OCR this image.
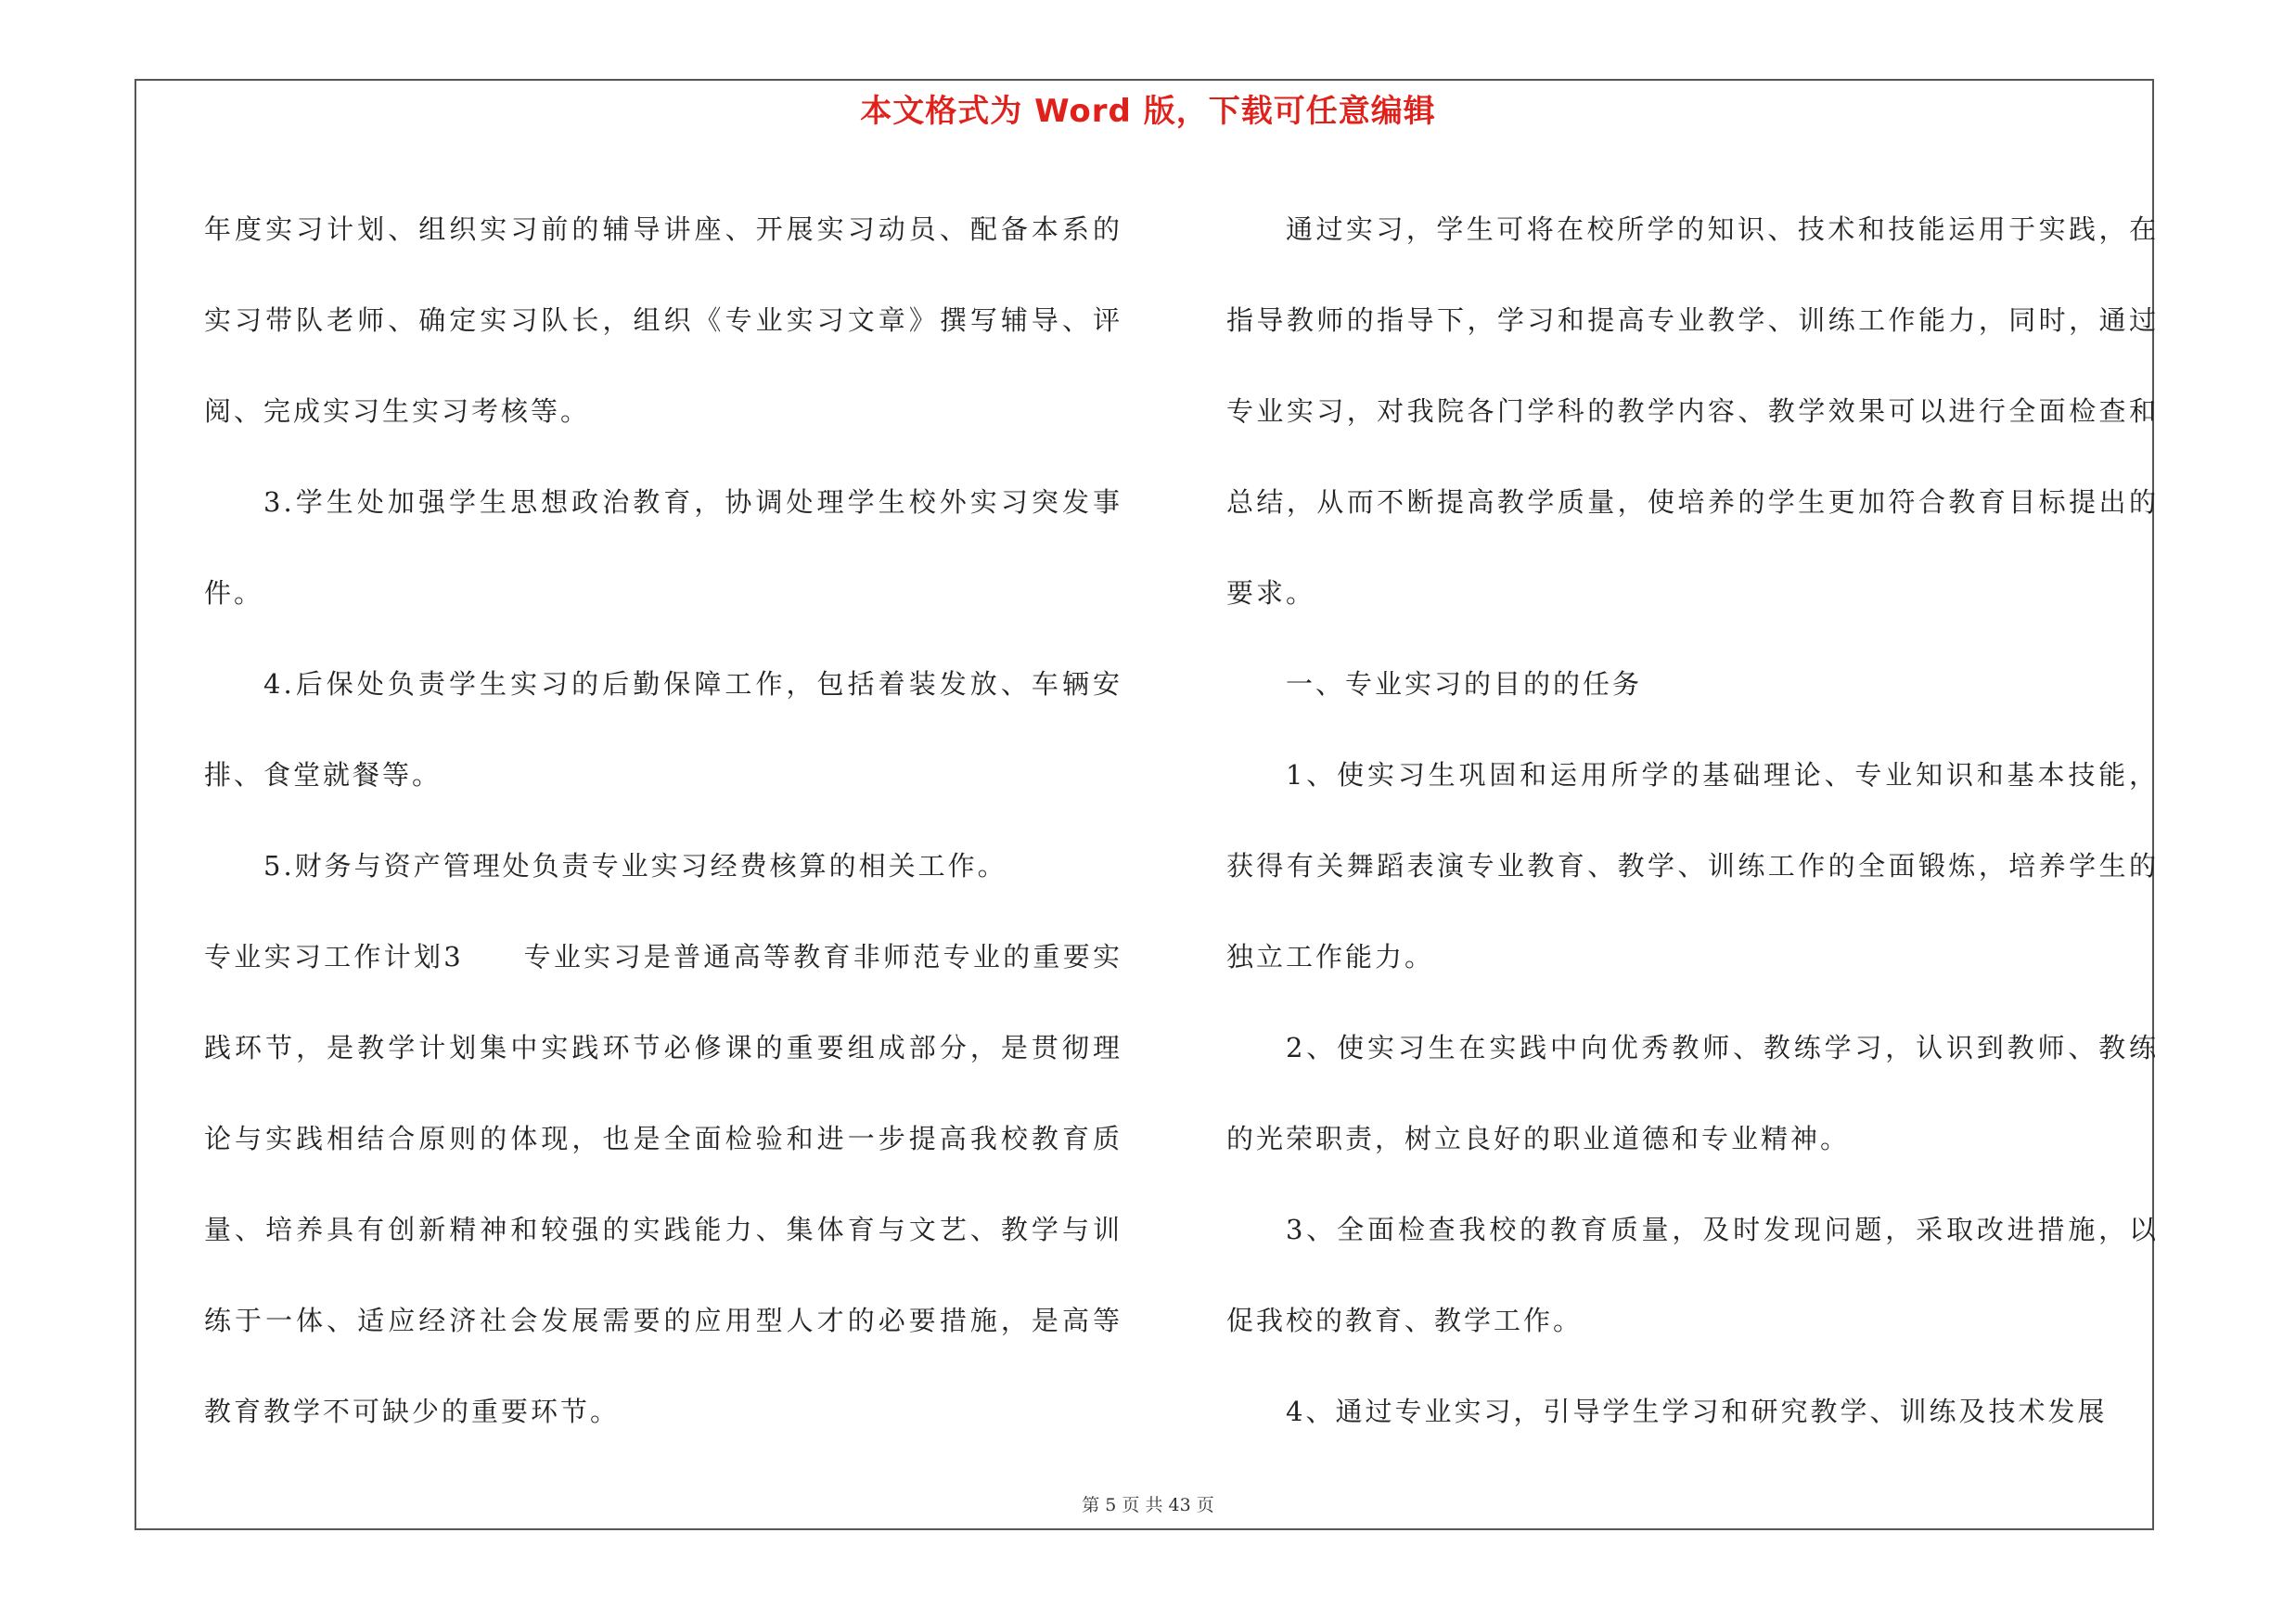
本文格式为 Word 版，下载可任意编辑

年度实习计划、组织实习前的辅导讲座、开展实习动员、配备本系的实习带队老师、确定实习队长，组织《专业实习文章》撰写辅导、评阅、完成实习生实习考核等。

3.学生处加强学生思想政治教育，协调处理学生校外实习突发事件。

4.后保处负责学生实习的后勤保障工作，包括着装发放、车辆安排、食堂就餐等。

5.财务与资产管理处负责专业实习经费核算的相关工作。

专业实习工作计划3　　专业实习是普通高等教育非师范专业的重要实践环节，是教学计划集中实践环节必修课的重要组成部分，是贯彻理论与实践相结合原则的体现，也是全面检验和进一步提高我校教育质量、培养具有创新精神和较强的实践能力、集体育与文艺、教学与训练于一体、适应经济社会发展需要的应用型人才的必要措施，是高等教育教学不可缺少的重要环节。

通过实习，学生可将在校所学的知识、技术和技能运用于实践，在指导教师的指导下，学习和提高专业教学、训练工作能力，同时，通过专业实习，对我院各门学科的教学内容、教学效果可以进行全面检查和总结，从而不断提高教学质量，使培养的学生更加符合教育目标提出的要求。

一、专业实习的目的的任务

1、使实习生巩固和运用所学的基础理论、专业知识和基本技能，获得有关舞蹈表演专业教育、教学、训练工作的全面锻炼，培养学生的独立工作能力。

2、使实习生在实践中向优秀教师、教练学习，认识到教师、教练的光荣职责，树立良好的职业道德和专业精神。

3、全面检查我校的教育质量，及时发现问题，采取改进措施，以促我校的教育、教学工作。

4、通过专业实习，引导学生学习和研究教学、训练及技术发展

第 5 页 共 43 页
